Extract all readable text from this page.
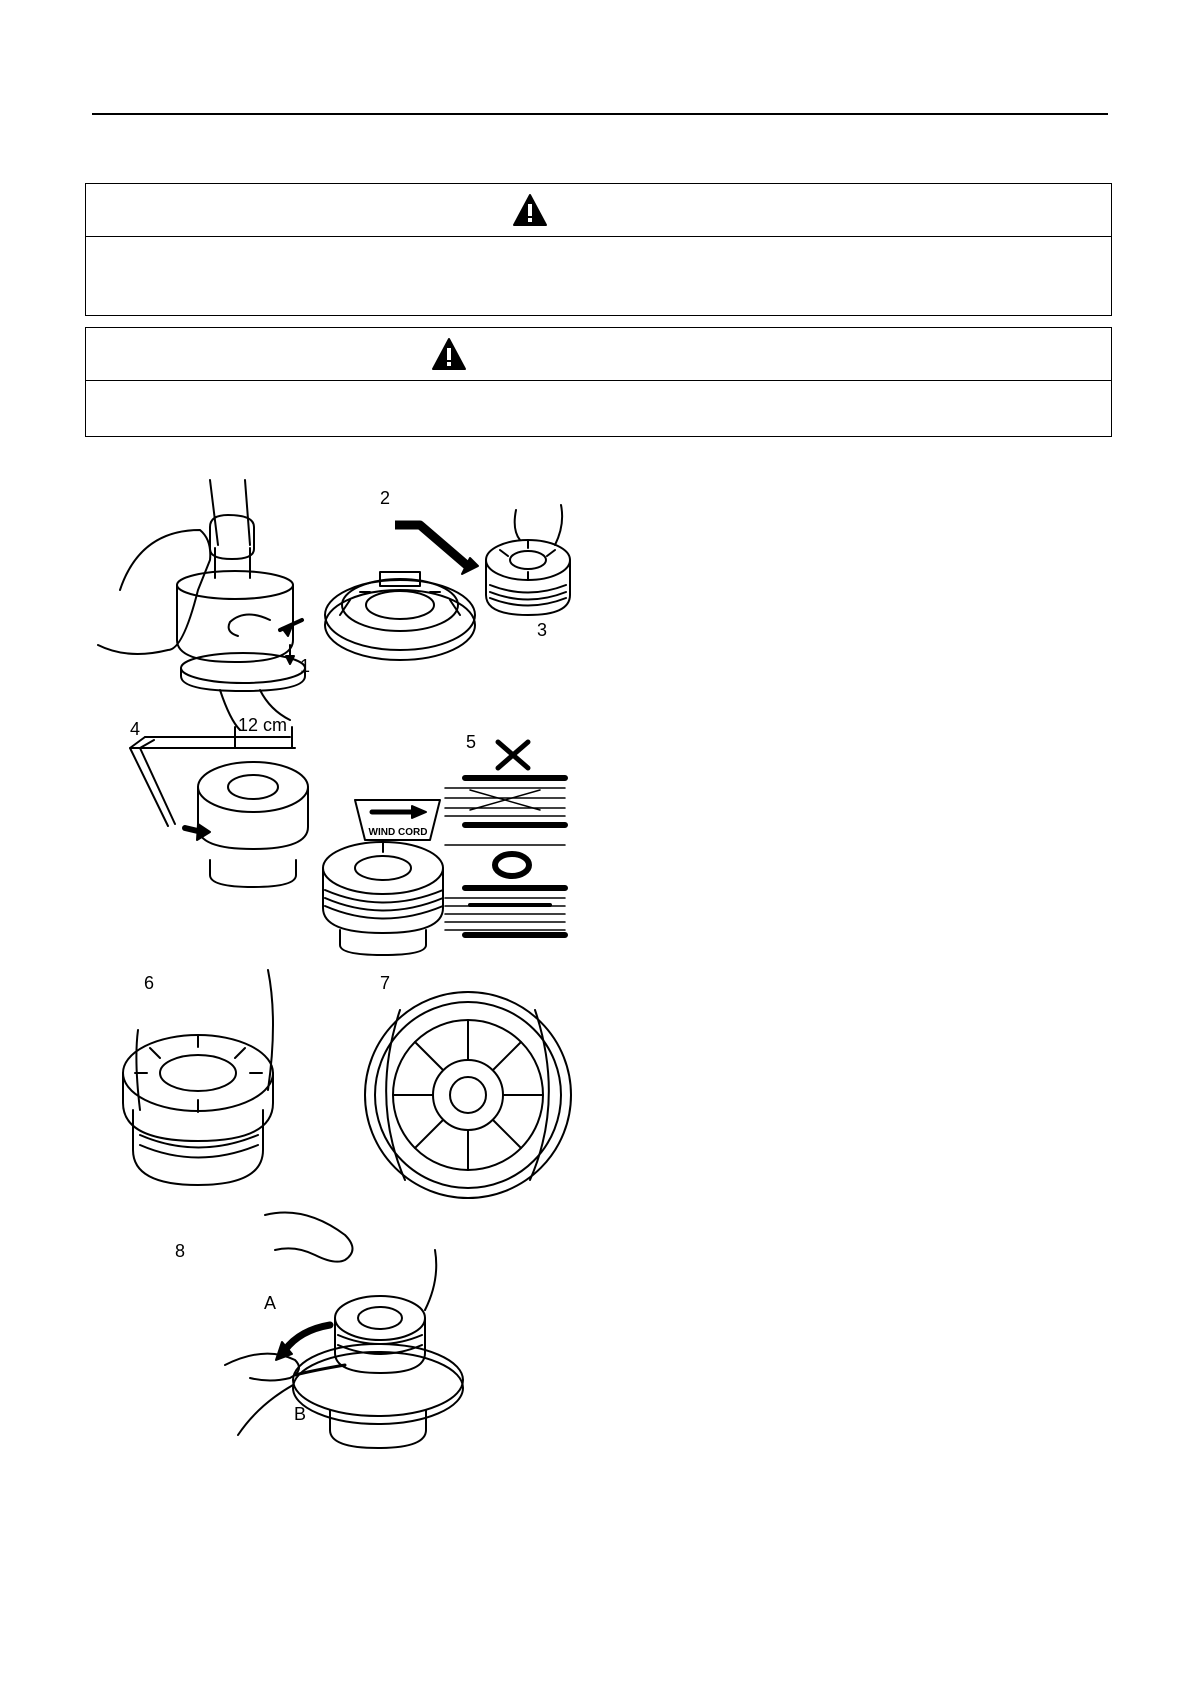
1
2
3
4
5
6	7
8
12 cm
A
B
WIND CORD
